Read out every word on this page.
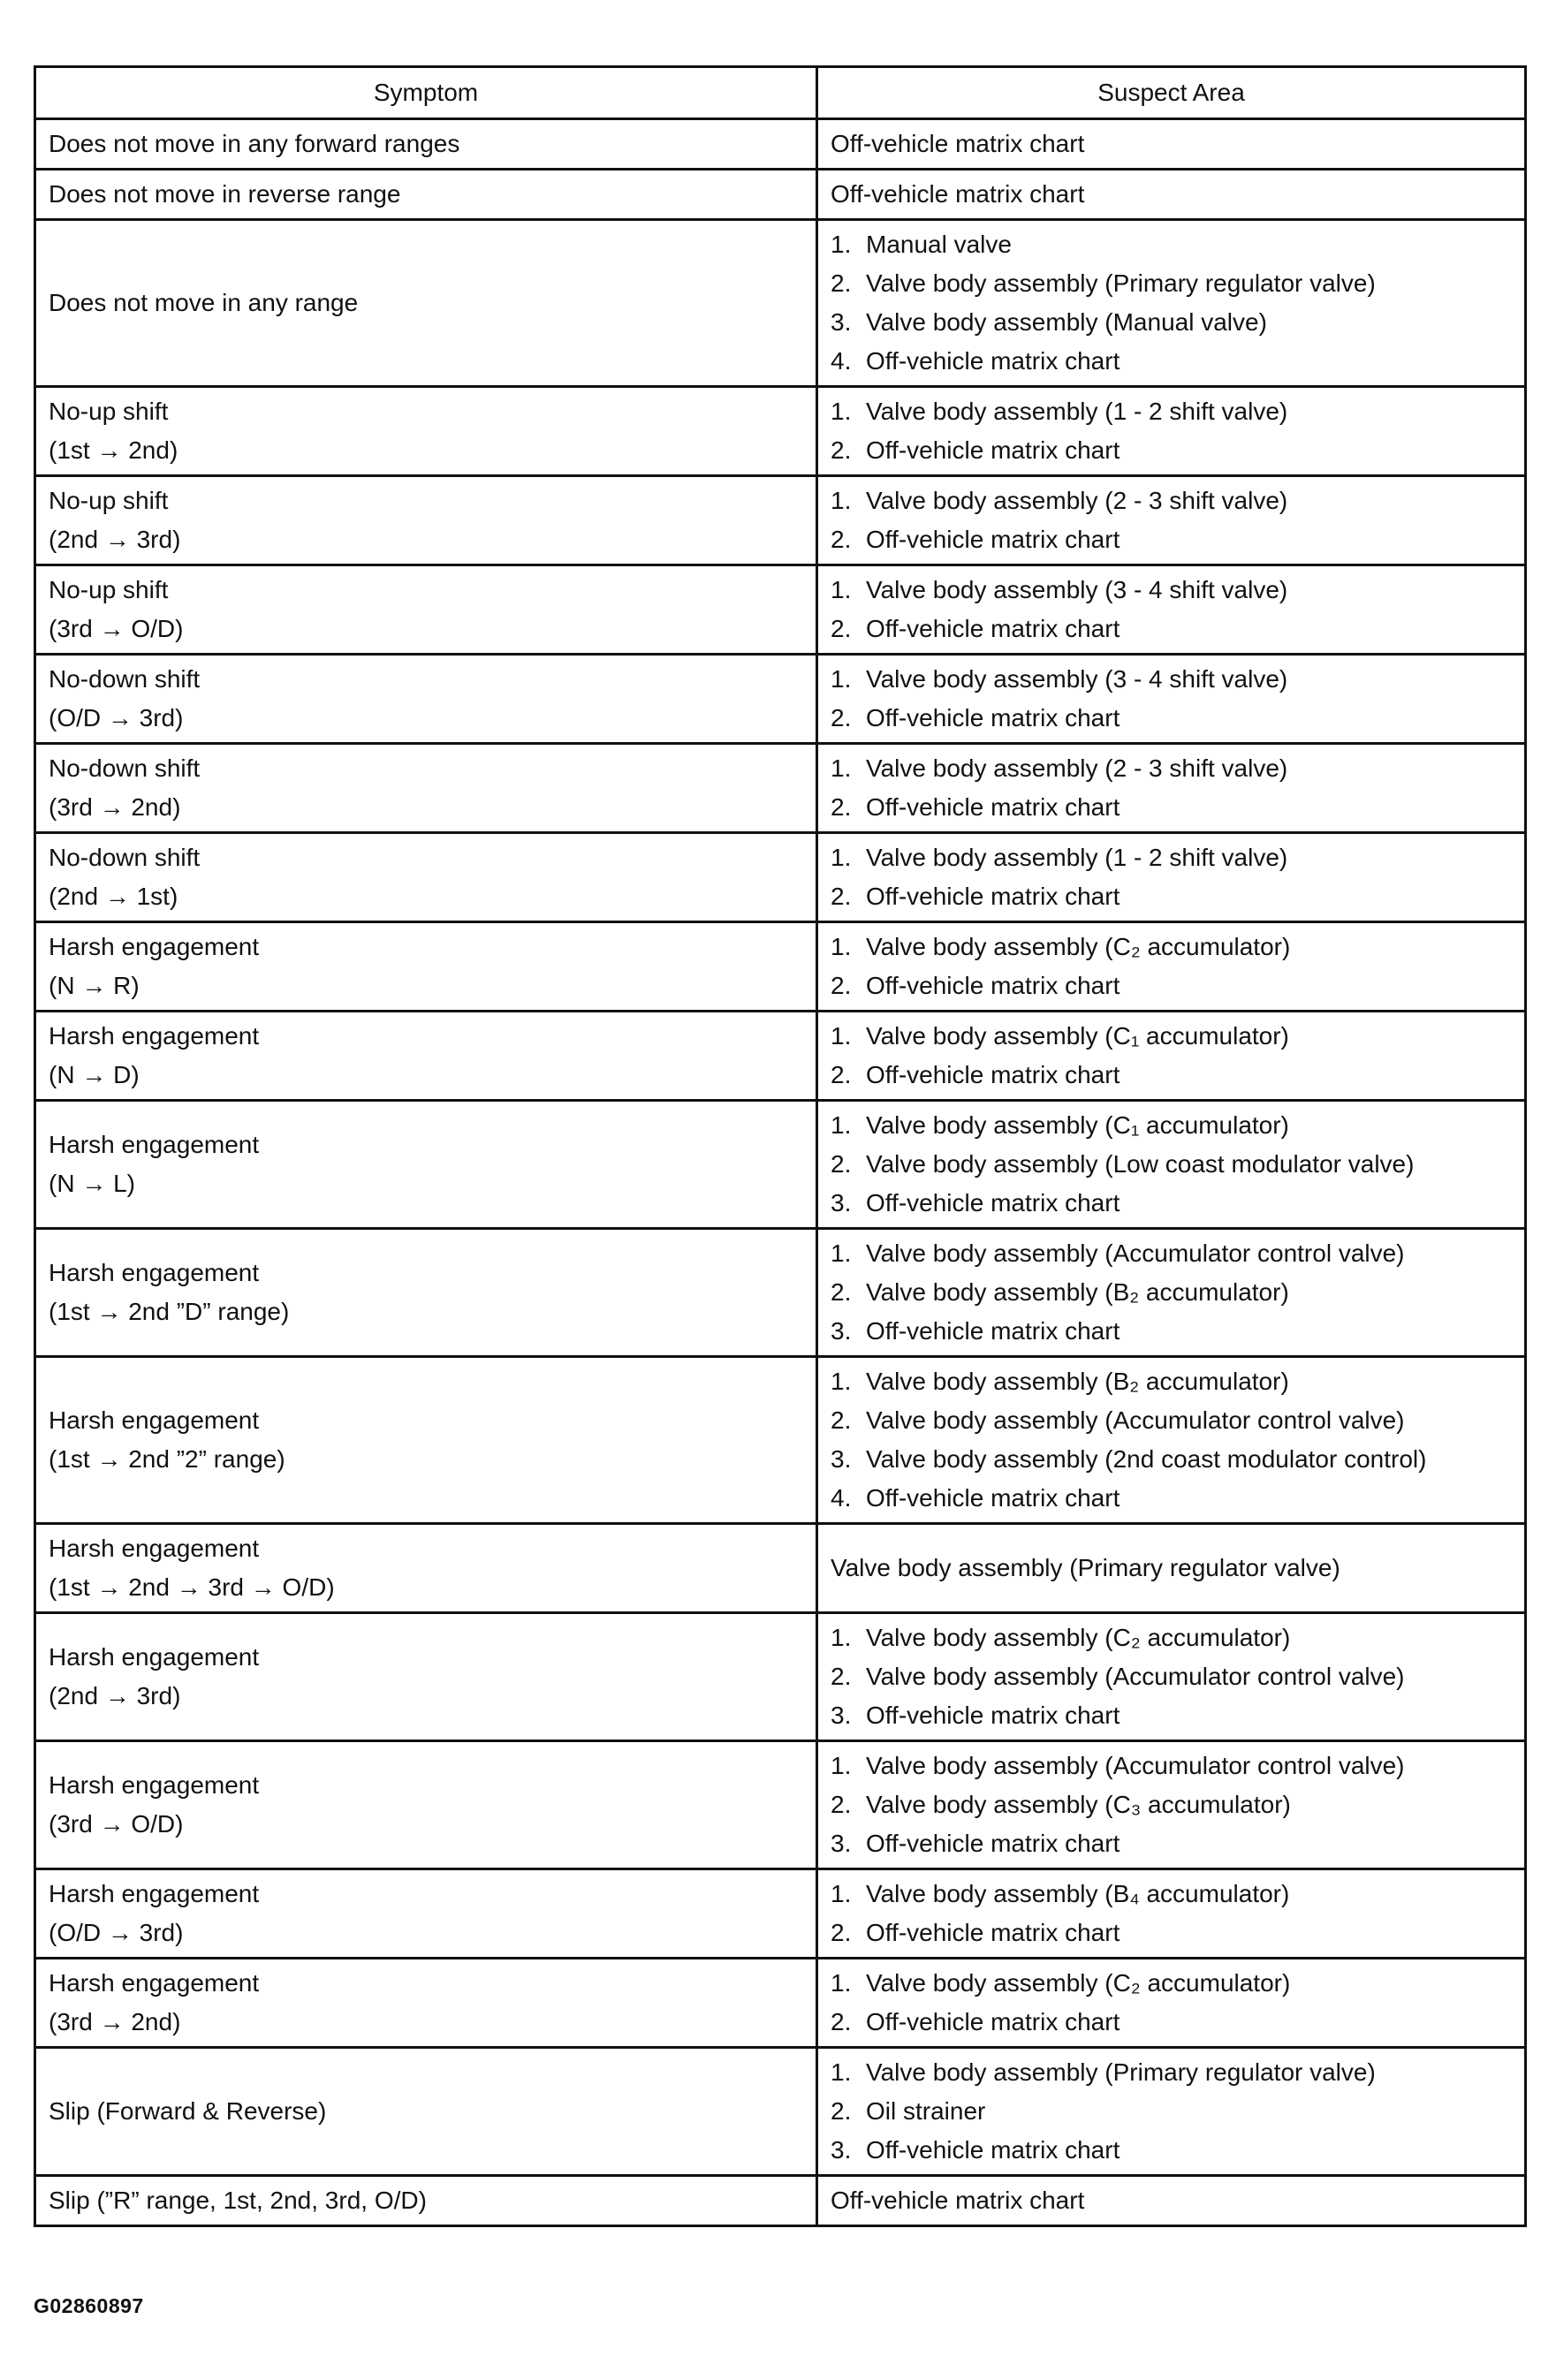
Symptom	Suspect Area

Does not move in any forward ranges	Off-vehicle matrix chart

Does not move in reverse range	Off-vehicle matrix chart

Does not move in any range	1. Manual valve
2. Valve body assembly (Primary regulator valve)
3. Valve body assembly (Manual valve)
4. Off-vehicle matrix chart

No-up shift
(1st → 2nd)	1. Valve body assembly (1 - 2 shift valve)
2. Off-vehicle matrix chart

No-up shift
(2nd → 3rd)	1. Valve body assembly (2 - 3 shift valve)
2. Off-vehicle matrix chart

No-up shift
(3rd → O/D)	1. Valve body assembly (3 - 4 shift valve)
2. Off-vehicle matrix chart

No-down shift
(O/D → 3rd)	1. Valve body assembly (3 - 4 shift valve)
2. Off-vehicle matrix chart

No-down shift
(3rd → 2nd)	1. Valve body assembly (2 - 3 shift valve)
2. Off-vehicle matrix chart

No-down shift
(2nd → 1st)	1. Valve body assembly (1 - 2 shift valve)
2. Off-vehicle matrix chart

Harsh engagement
(N → R)	1. Valve body assembly (C₂ accumulator)
2. Off-vehicle matrix chart

Harsh engagement
(N → D)	1. Valve body assembly (C₁ accumulator)
2. Off-vehicle matrix chart

Harsh engagement
(N → L)	1. Valve body assembly (C₁ accumulator)
2. Valve body assembly (Low coast modulator valve)
3. Off-vehicle matrix chart

Harsh engagement
(1st → 2nd ”D” range)	1. Valve body assembly (Accumulator control valve)
2. Valve body assembly (B₂ accumulator)
3. Off-vehicle matrix chart

Harsh engagement
(1st → 2nd ”2” range)	1. Valve body assembly (B₂ accumulator)
2. Valve body assembly (Accumulator control valve)
3. Valve body assembly (2nd coast modulator control)
4. Off-vehicle matrix chart

Harsh engagement
(1st → 2nd → 3rd → O/D)	Valve body assembly (Primary regulator valve)

Harsh engagement
(2nd → 3rd)	1. Valve body assembly (C₂ accumulator)
2. Valve body assembly (Accumulator control valve)
3. Off-vehicle matrix chart

Harsh engagement
(3rd → O/D)	1. Valve body assembly (Accumulator control valve)
2. Valve body assembly (C₃ accumulator)
3. Off-vehicle matrix chart

Harsh engagement
(O/D → 3rd)	1. Valve body assembly (B₄ accumulator)
2. Off-vehicle matrix chart

Harsh engagement
(3rd → 2nd)	1. Valve body assembly (C₂ accumulator)
2. Off-vehicle matrix chart

Slip (Forward & Reverse)	1. Valve body assembly (Primary regulator valve)
2. Oil strainer
3. Off-vehicle matrix chart

Slip (”R” range, 1st, 2nd, 3rd, O/D)	Off-vehicle matrix chart
G02860897
